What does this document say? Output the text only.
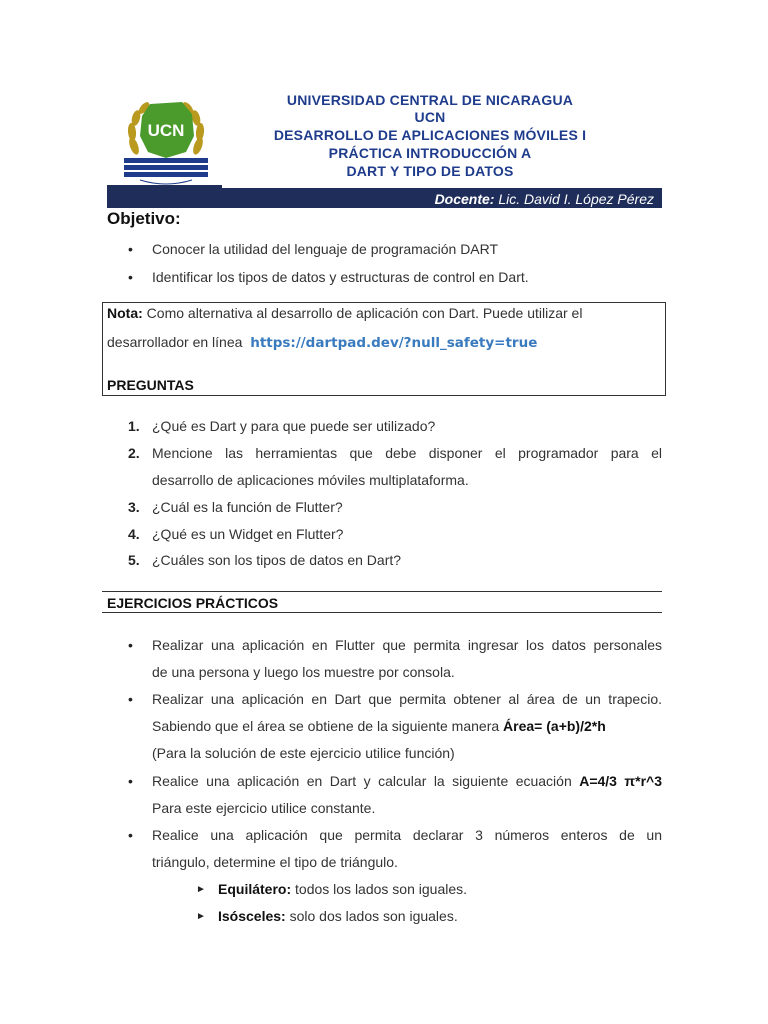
UCN
UNIVERSIDAD CENTRAL DE NICARAGUA
UCN
DESARROLLO DE APLICACIONES MÓVILES I
PRÁCTICA INTRODUCCIÓN A
DART Y TIPO DE DATOS
Docente: Lic. David I. López Pérez
Objetivo:
• Conocer la utilidad del lenguaje de programación DART
• Identificar los tipos de datos y estructuras de control en Dart.
Nota: Como alternativa al desarrollo de aplicación con Dart. Puede utilizar el
desarrollador en línea  https://dartpad.dev/?null_safety=true
PREGUNTAS
1. ¿Qué es Dart y para que puede ser utilizado?
2. Mencione las herramientas que debe disponer el programador para el
desarrollo de aplicaciones móviles multiplataforma.
3. ¿Cuál es la función de Flutter?
4. ¿Qué es un Widget en Flutter?
5. ¿Cuáles son los tipos de datos en Dart?
EJERCICIOS PRÁCTICOS
• Realizar una aplicación en Flutter que permita ingresar los datos personales
de una persona y luego los muestre por consola.
• Realizar una aplicación en Dart que permita obtener al área de un trapecio.
Sabiendo que el área se obtiene de la siguiente manera Área= (a+b)/2*h
(Para la solución de este ejercicio utilice función)
• Realice una aplicación en Dart y calcular la siguiente ecuación A=4/3 π*r^3
Para este ejercicio utilice constante.
• Realice una aplicación que permita declarar 3 números enteros de un
triángulo, determine el tipo de triángulo.
► Equilátero: todos los lados son iguales.
► Isósceles: solo dos lados son iguales.
